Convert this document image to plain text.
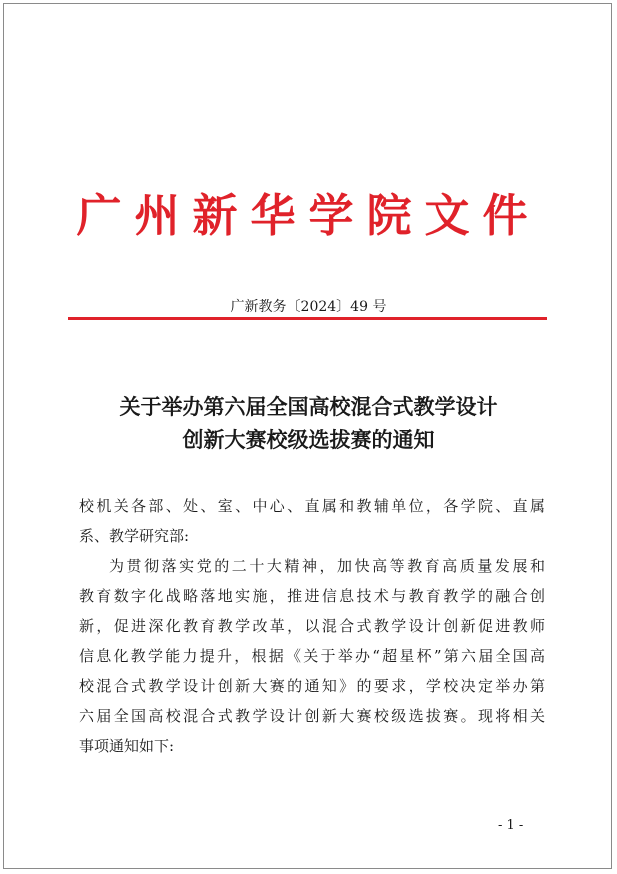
广州新华学院文件
广新教务〔2024〕49 号
关于举办第六届全国高校混合式教学设计
创新大赛校级选拔赛的通知
校机关各部、处、室、中心、直属和教辅单位，各学院、直属
系、教学研究部:
为贯彻落实党的二十大精神，加快高等教育高质量发展和
教育数字化战略落地实施，推进信息技术与教育教学的融合创
新，促进深化教育教学改革，以混合式教学设计创新促进教师
信息化教学能力提升，根据《关于举办“超星杯”第六届全国高
校混合式教学设计创新大赛的通知》的要求，学校决定举办第
六届全国高校混合式教学设计创新大赛校级选拔赛。现将相关
事项通知如下:
- 1 -
